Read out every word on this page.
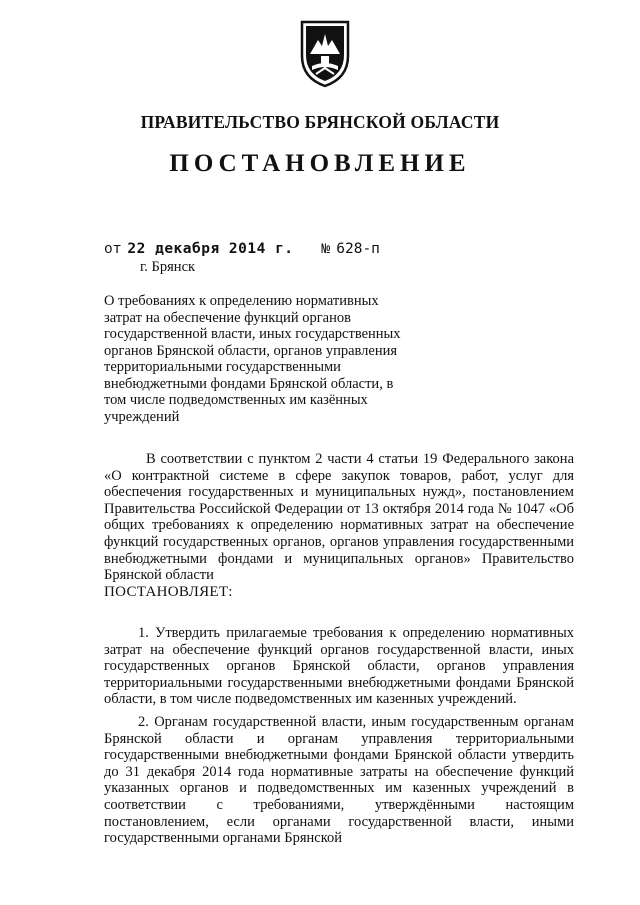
ПРАВИТЕЛЬСТВО БРЯНСКОЙ ОБЛАСТИ
ПОСТАНОВЛЕНИЕ
от 22 декабря 2014 г. № 628-п
г. Брянск
О требованиях к определению нормативных затрат на обеспечение функций органов государственной власти, иных государственных органов Брянской области, органов управления территориальными государственными внебюджетными фондами Брянской области, в том числе подведомственных им казённых учреждений

В соответствии с пунктом 2 части 4 статьи 19 Федерального закона «О контрактной системе в сфере закупок товаров, работ, услуг для обеспечения государственных и муниципальных нужд», постановлением Правительства Российской Федерации от 13 октября 2014 года № 1047 «Об общих требованиях к определению нормативных затрат на обеспечение функций государственных органов, органов управления государственными внебюджетными фондами и муниципальных органов» Правительство Брянской области

ПОСТАНОВЛЯЕТ:

1. Утвердить прилагаемые требования к определению нормативных затрат на обеспечение функций органов государственной власти, иных государственных органов Брянской области, органов управления территориальными государственными внебюджетными фондами Брянской области, в том числе подведомственных им казенных учреждений.

2. Органам государственной власти, иным государственным органам Брянской области и органам управления территориальными государственными внебюджетными фондами Брянской области утвердить до 31 декабря 2014 года нормативные затраты на обеспечение функций указанных органов и подведомственных им казенных учреждений в соответствии с требованиями, утверждёнными настоящим постановлением, если органами государственной власти, иными государственными органами Брянской
